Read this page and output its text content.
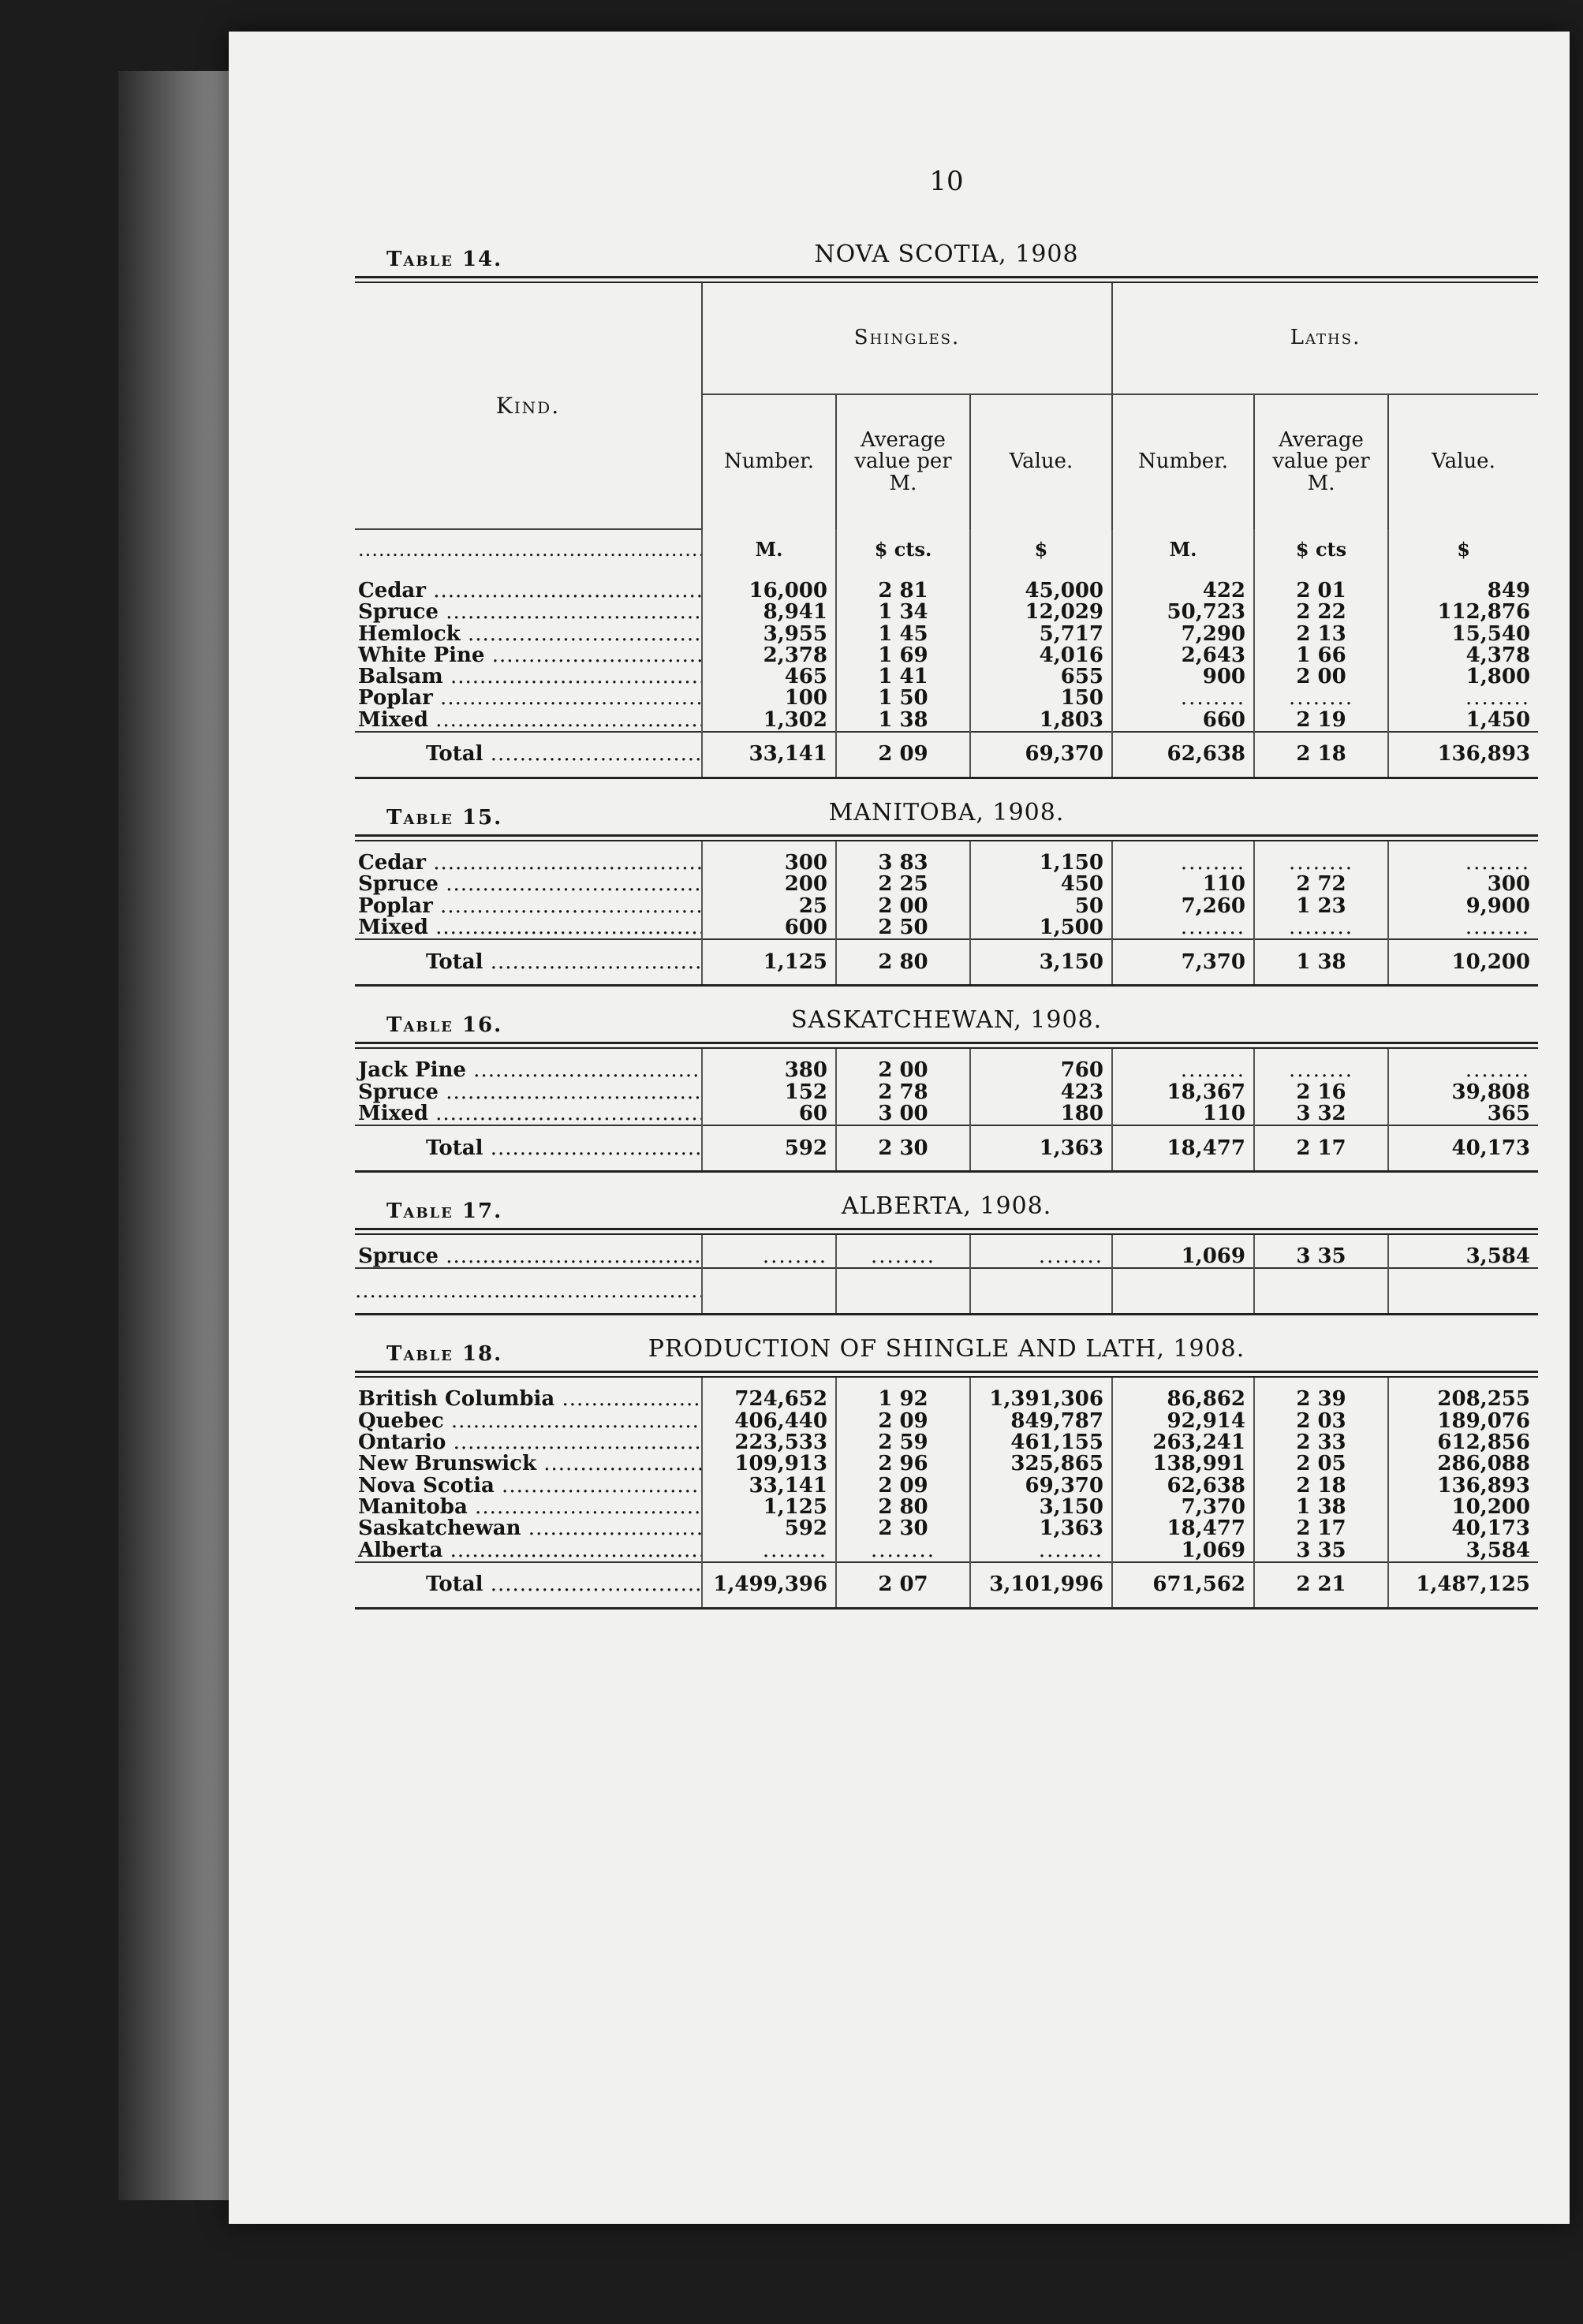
10
Table 14.	NOVA SCOTIA, 1908
Kind.	Shingles.			Laths.		
	Number.	Average value per M.	Value.	Number.	Average value per M.	Value.
.....	M.	$ cts.	$	M.	$ cts	$

Cedar .....	16,000	2 81	45,000	422	2 01	849
Spruce .....	8,941	1 34	12,029	50,723	2 22	112,876
Hemlock .....	3,955	1 45	5,717	7,290	2 13	15,540
White Pine .....	2,378	1 69	4,016	2,643	1 66	4,378
Balsam .....	465	1 41	655	900	2 00	1,800
Poplar .....	100	1 50	150	........	........	........
Mixed .....	1,302	1 38	1,803	660	2 19	1,450
Total .....	33,141	2 09	69,370	62,638	2 18	136,893
Table 15.	MANITOBA, 1908.

Cedar .....	300	3 83	1,150	........	........	........
Spruce .....	200	2 25	450	110	2 72	300
Poplar .....	25	2 00	50	7,260	1 23	9,900
Mixed .....	600	2 50	1,500	........	........	........
Total .....	1,125	2 80	3,150	7,370	1 38	10,200
Table 16.	SASKATCHEWAN, 1908.

Jack Pine .....	380	2 00	760	........	........	........
Spruce .....	152	2 78	423	18,367	2 16	39,808
Mixed .....	60	3 00	180	110	3 32	365
Total .....	592	2 30	1,363	18,477	2 17	40,173
Table 17.	ALBERTA, 1908.

Spruce .....	........	........	........	1,069	3 35	3,584
.....						
Table 18.	PRODUCTION OF SHINGLE AND LATH, 1908.

British Columbia .....	724,652	1 92	1,391,306	86,862	2 39	208,255
Quebec .....	406,440	2 09	849,787	92,914	2 03	189,076
Ontario .....	223,533	2 59	461,155	263,241	2 33	612,856
New Brunswick .....	109,913	2 96	325,865	138,991	2 05	286,088
Nova Scotia .....	33,141	2 09	69,370	62,638	2 18	136,893
Manitoba .....	1,125	2 80	3,150	7,370	1 38	10,200
Saskatchewan .....	592	2 30	1,363	18,477	2 17	40,173
Alberta .....	........	........	........	1,069	3 35	3,584
Total .....	1,499,396	2 07	3,101,996	671,562	2 21	1,487,125
